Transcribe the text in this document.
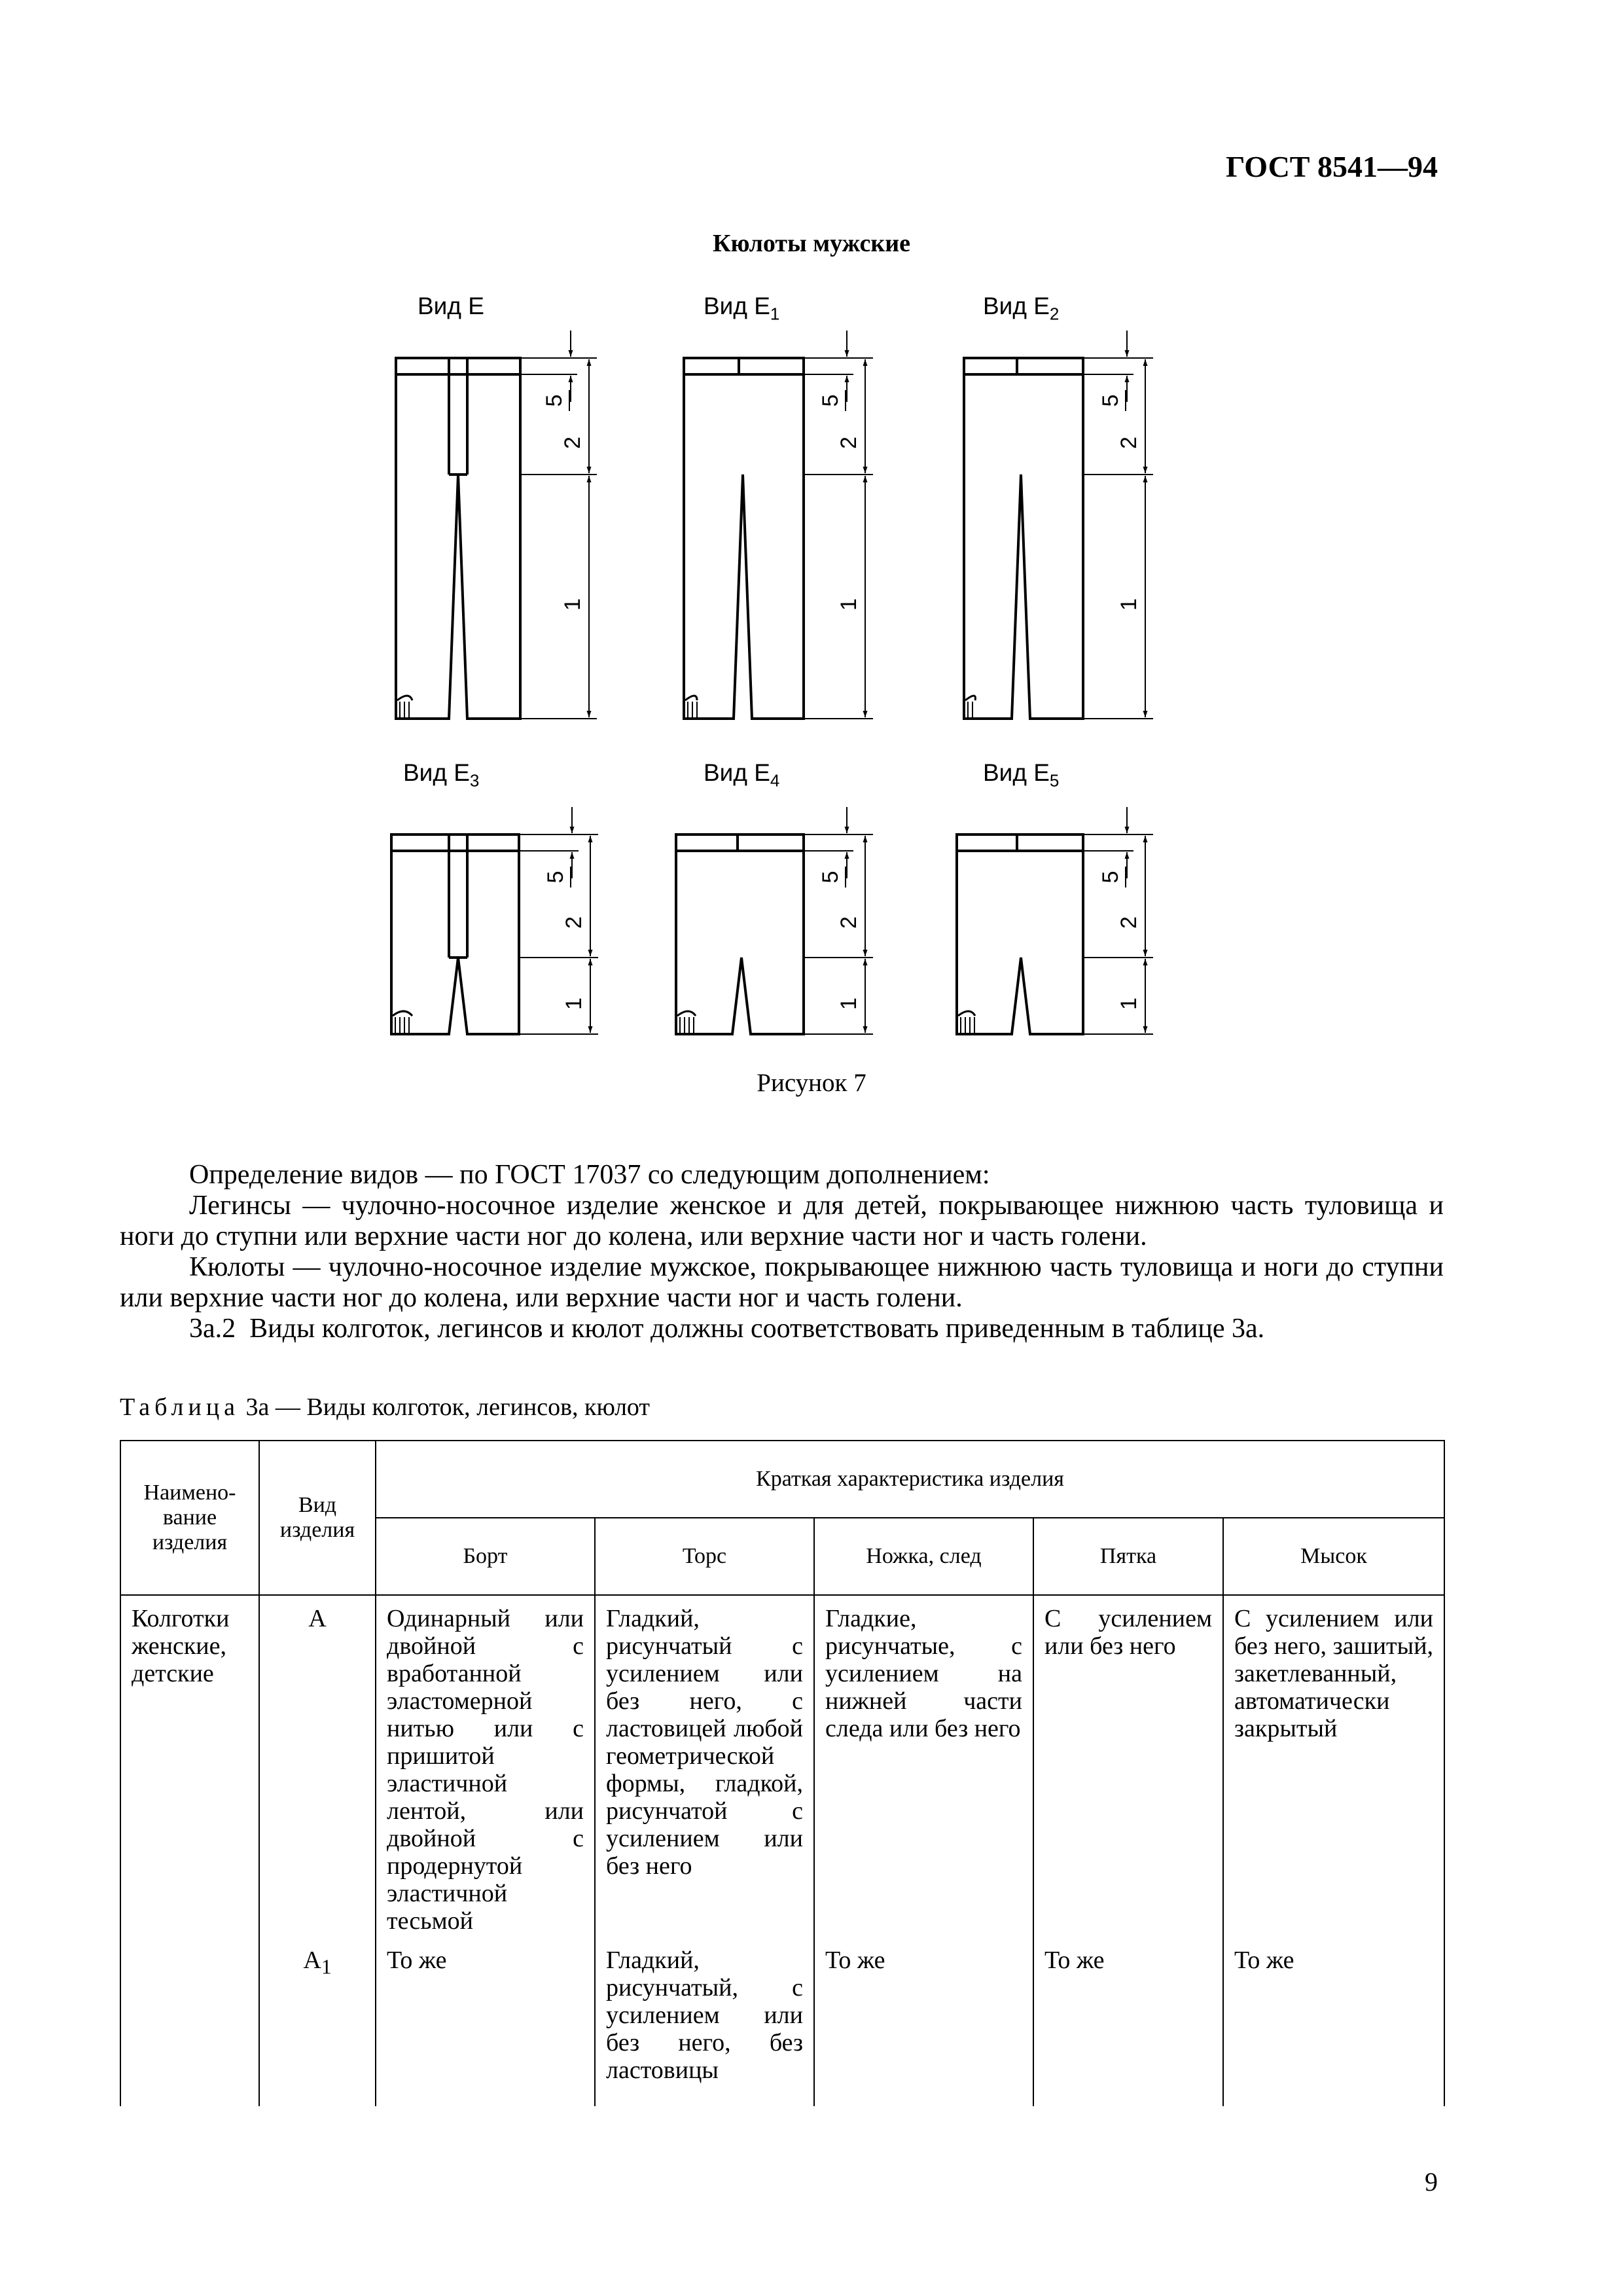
ГОСТ 8541—94
Кюлоты мужские
5
2
1
5
2
1
5
2
1
5
2
1
5
2
1
5
2
1
Вид E	Вид $E_1$	Вид $E_2$
Вид $E_3$	Вид $E_4$	Вид $E_5$
Рисунок 7

Определение видов — по ГОСТ 17037 со следующим дополнением:

Легинсы — чулочно-носочное изделие женское и для детей, покрывающее нижнюю часть туловища и ноги до ступни или верхние части ног до колена, или верхние части ног и часть голени.

Кюлоты — чулочно-носочное изделие мужское, покрывающее нижнюю часть туловища и ноги до ступни или верхние части ног до колена, или верхние части ног и часть голени.

3а.2  Виды колготок, легинсов и кюлот должны соответствовать приведенным в таблице 3а.

Таблица 3а — Виды колготок, легинсов, кюлот
Наимено-
вание
изделия	Вид
изделия	Краткая характеристика изделия				
		Борт	Торс	Ножка, след	Пятка	Мысок

Колготки
женские,
детские	А	Одинарный или двойной с вработанной эластомерной нитью или с пришитой эластичной лентой, или двойной с продернутой эластичной тесьмой	Гладкий, рисунчатый с усилением или без него, с ластовицей любой геометрической формы, гладкой, рисунчатой с усилением или без него	Гладкие, рисунчатые, с усилением на нижней части следа или без него	С усилением или без него	С усилением или без него, зашитый, закетлеванный, автоматически закрытый

	$А_1$	То же	Гладкий, рисунчатый, с усилением или без него, без ластовицы	То же	То же	То же
9
